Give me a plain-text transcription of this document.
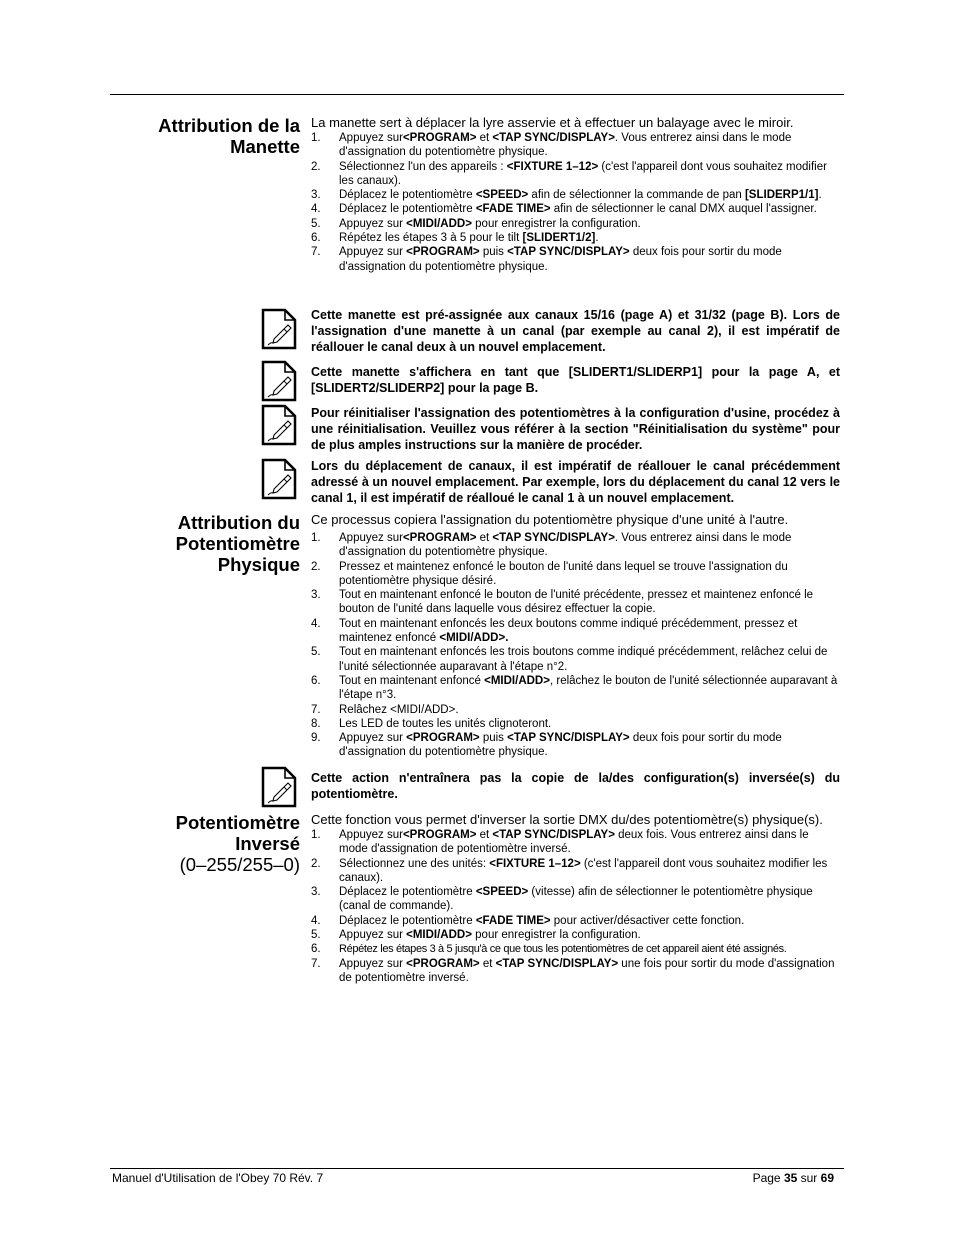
Attribution de la
Manette
La manette sert à déplacer la lyre asservie et à effectuer un balayage avec le miroir.
1.	Appuyez sur<PROGRAM> et <TAP SYNC/DISPLAY>. Vous entrerez ainsi dans le mode d'assignation du potentiomètre physique.
2.	Sélectionnez l'un des appareils : <FIXTURE 1–12> (c'est l'appareil dont vous souhaitez modifier les canaux).
3.	Déplacez le potentiomètre <SPEED> afin de sélectionner la commande de pan [SLIDERP1/1].
4.	Déplacez le potentiomètre <FADE TIME> afin de sélectionner le canal DMX auquel l'assigner.
5.	Appuyez sur <MIDI/ADD> pour enregistrer la configuration.
6.	Répétez les étapes 3 à 5 pour le tilt [SLIDERT1/2].
7.	Appuyez sur <PROGRAM> puis <TAP SYNC/DISPLAY> deux fois pour sortir du mode d'assignation du potentiomètre physique.
Cette manette est pré-assignée aux canaux 15/16 (page A) et 31/32 (page B). Lors de l'assignation d'une manette à un canal (par exemple au canal 2), il est impératif de réallouer le canal deux à un nouvel emplacement.
Cette manette s'affichera en tant que [SLIDERT1/SLIDERP1] pour la page A, et [SLIDERT2/SLIDERP2] pour la page B.
Pour réinitialiser l'assignation des potentiomètres à la configuration d'usine, procédez à une réinitialisation. Veuillez vous référer à la section "Réinitialisation du système" pour de plus amples instructions sur la manière de procéder.
Lors du déplacement de canaux, il est impératif de réallouer le canal précédemment adressé à un nouvel emplacement. Par exemple, lors du déplacement du canal 12 vers le canal 1, il est impératif de réalloué le canal 1 à un nouvel emplacement.
Attribution du
Potentiomètre
Physique
Ce processus copiera l'assignation du potentiomètre physique d'une unité à l'autre.
1.	Appuyez sur<PROGRAM> et <TAP SYNC/DISPLAY>. Vous entrerez ainsi dans le mode d'assignation du potentiomètre physique.
2.	Pressez et maintenez enfoncé le bouton de l'unité dans lequel se trouve l'assignation du potentiomètre physique désiré.
3.	Tout en maintenant enfoncé le bouton de l'unité précédente, pressez et maintenez enfoncé le bouton de l'unité dans laquelle vous désirez effectuer la copie.
4.	Tout en maintenant enfoncés les deux boutons comme indiqué précédemment, pressez et maintenez enfoncé <MIDI/ADD>.
5.	Tout en maintenant enfoncés les trois boutons comme indiqué précédemment, relâchez celui de l'unité sélectionnée auparavant à l'étape n°2.
6.	Tout en maintenant enfoncé <MIDI/ADD>, relâchez le bouton de l'unité sélectionnée auparavant à l'étape n°3.
7.	Relâchez <MIDI/ADD>.
8.	Les LED de toutes les unités clignoteront.
9.	Appuyez sur <PROGRAM> puis <TAP SYNC/DISPLAY> deux fois pour sortir du mode d'assignation du potentiomètre physique.
Cette action n'entraînera pas la copie de la/des configuration(s) inversée(s) du potentiomètre.
Potentiomètre
Inversé
(0–255/255–0)
Cette fonction vous permet d'inverser la sortie DMX du/des potentiomètre(s) physique(s).
1.	Appuyez sur<PROGRAM> et <TAP SYNC/DISPLAY> deux fois. Vous entrerez ainsi dans le mode d'assignation de potentiomètre inversé.
2.	Sélectionnez une des unités: <FIXTURE 1–12> (c'est l'appareil dont vous souhaitez modifier les canaux).
3.	Déplacez le potentiomètre <SPEED> (vitesse) afin de sélectionner le potentiomètre physique (canal de commande).
4.	Déplacez le potentiomètre <FADE TIME> pour activer/désactiver cette fonction.
5.	Appuyez sur <MIDI/ADD> pour enregistrer la configuration.
6.	Répétez les étapes 3 à 5 jusqu'à ce que tous les potentiomètres de cet appareil aient été assignés.
7.	Appuyez sur <PROGRAM> et <TAP SYNC/DISPLAY> une fois pour sortir du mode d'assignation de potentiomètre inversé.
Manuel d'Utilisation de l'Obey 70 Rév. 7	Page 35 sur 69
